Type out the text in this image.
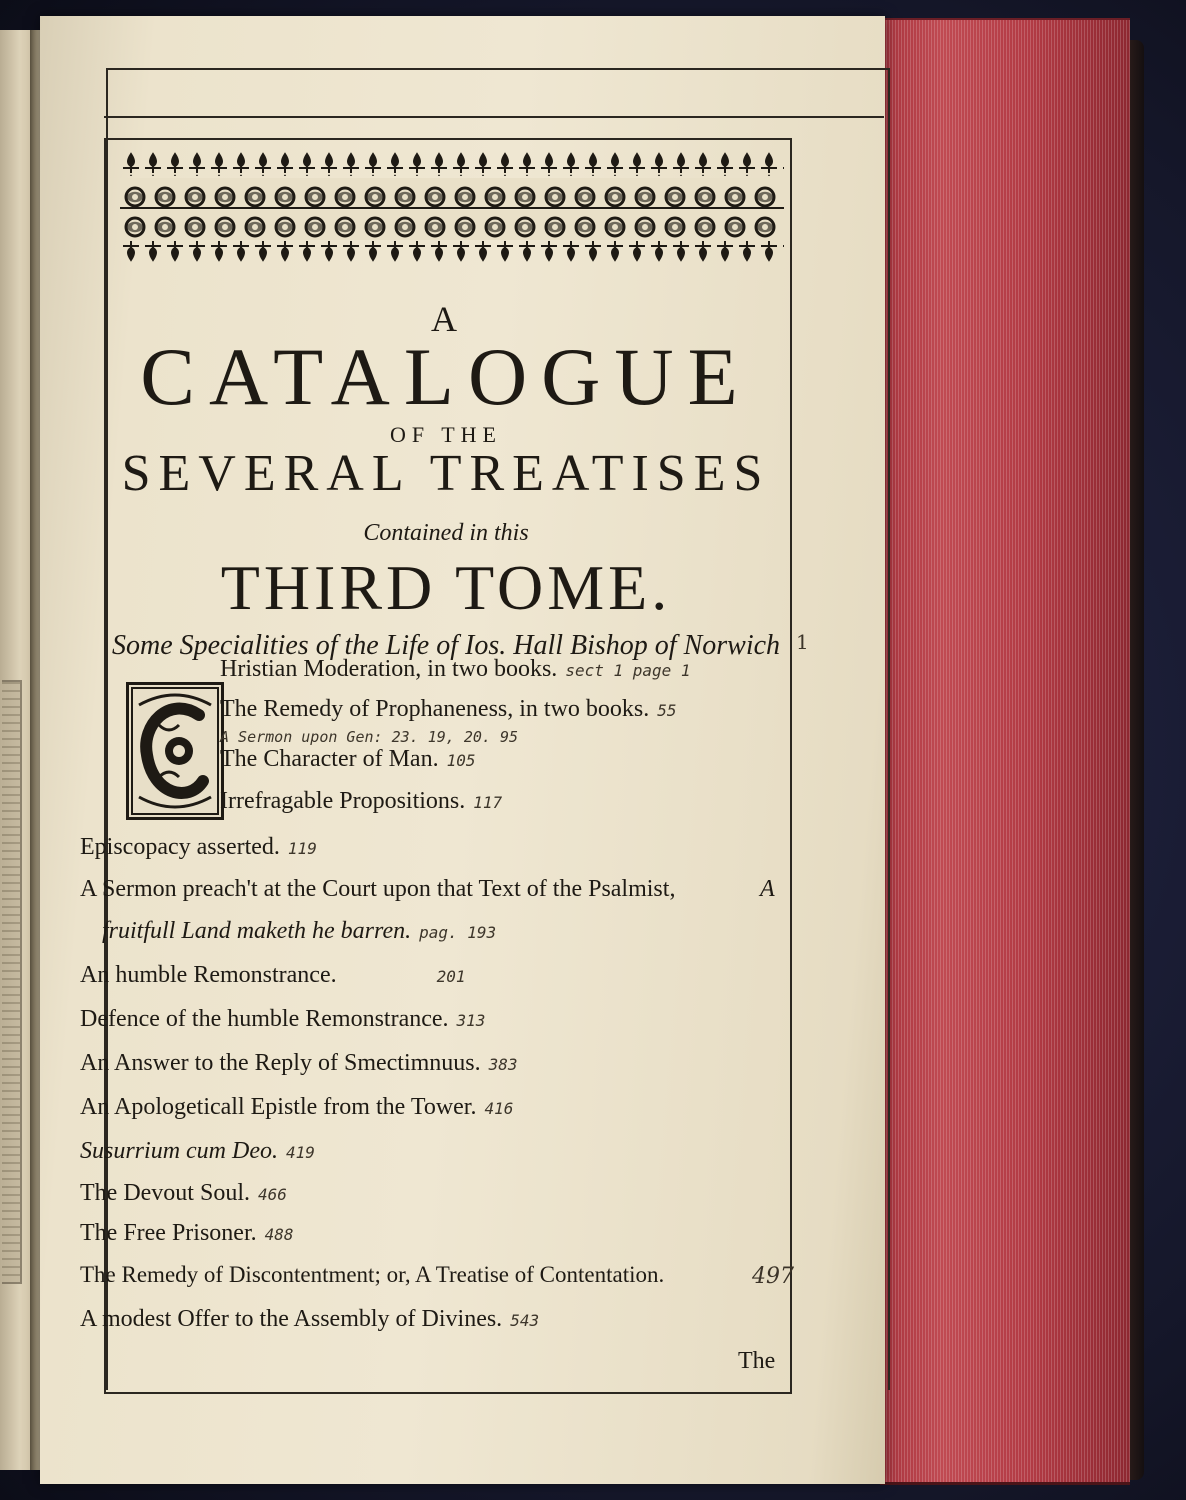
A
CATALOGUE
OF THE
SEVERAL TREATISES
Contained in this
THIRD TOME.
Some Specialities of the Life of Ios. Hall Bishop of Norwich 1
Hristian Moderation, in two books. sect 1 page 1
The Remedy of Prophaneness, in two books. 55
A Sermon upon Gen: 23. 19, 20. 95
The Character of Man. 105
Irrefragable Propositions. 117
Episcopacy asserted. 119
A Sermon preach't at the Court upon that Text of the Psalmist,	A
fruitfull Land maketh he barren. pag. 193
An humble Remonstrance.	201
Defence of the humble Remonstrance. 313
An Answer to the Reply of Smectimnuus. 383
An Apologeticall Epistle from the Tower. 416
Susurrium cum Deo. 419
The Devout Soul. 466
The Free Prisoner. 488
The Remedy of Discontentment; or, A Treatise of Contentation.	497
A modest Offer to the Assembly of Divines. 543
The
